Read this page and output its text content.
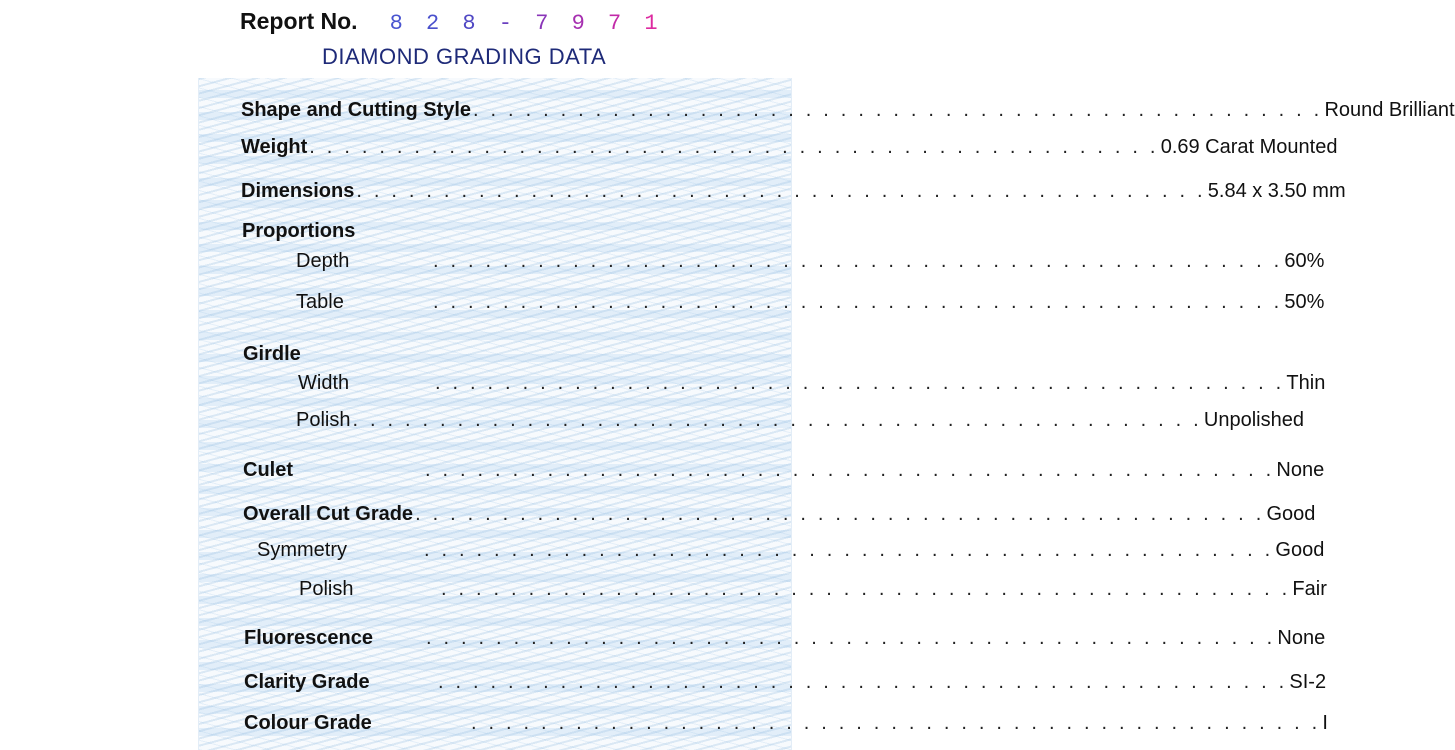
Report No. 8 2 8 - 7 9 7 1
DIAMOND GRADING DATA
Shape and Cutting Style . . . . . . . . . . . . . . . . . . . . . . . . . . . . . . . . . . . . . . . . . . . . . . . . . Round Brilliant
Weight . . . . . . . . . . . . . . . . . . . . . . . . . . . . . . . . . . . . . . . . . . . . . . . . . 0.69 Carat Mounted
Dimensions . . . . . . . . . . . . . . . . . . . . . . . . . . . . . . . . . . . . . . . . . . . . . . . . . 5.84 x 3.50 mm
Proportions
Depth	. . . . . . . . . . . . . . . . . . . . . . . . . . . . . . . . . . . . . . . . . . . . . . . . . 60%
Table	. . . . . . . . . . . . . . . . . . . . . . . . . . . . . . . . . . . . . . . . . . . . . . . . . 50%
Girdle
Width	. . . . . . . . . . . . . . . . . . . . . . . . . . . . . . . . . . . . . . . . . . . . . . . . . Thin
Polish . . . . . . . . . . . . . . . . . . . . . . . . . . . . . . . . . . . . . . . . . . . . . . . . . Unpolished
Culet	. . . . . . . . . . . . . . . . . . . . . . . . . . . . . . . . . . . . . . . . . . . . . . . . . None
Overall Cut Grade . . . . . . . . . . . . . . . . . . . . . . . . . . . . . . . . . . . . . . . . . . . . . . . . . Good
Symmetry	. . . . . . . . . . . . . . . . . . . . . . . . . . . . . . . . . . . . . . . . . . . . . . . . . Good
Polish	. . . . . . . . . . . . . . . . . . . . . . . . . . . . . . . . . . . . . . . . . . . . . . . . . Fair
Fluorescence	. . . . . . . . . . . . . . . . . . . . . . . . . . . . . . . . . . . . . . . . . . . . . . . . . None
Clarity Grade	. . . . . . . . . . . . . . . . . . . . . . . . . . . . . . . . . . . . . . . . . . . . . . . . . SI-2
Colour Grade	. . . . . . . . . . . . . . . . . . . . . . . . . . . . . . . . . . . . . . . . . . . . . . . . . I
